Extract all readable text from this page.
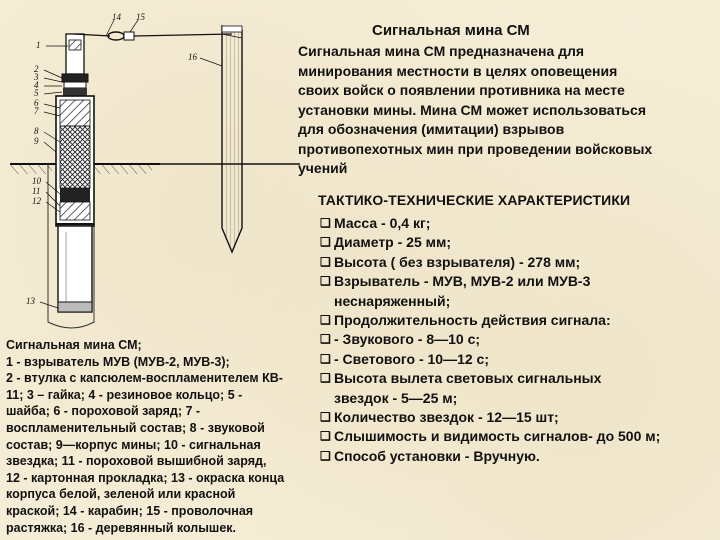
1
2
3
4
5
6
7
8
9
10
11
12
13
14 15
16
Сигнальная мина СМ
Сигнальная мина СМ предназначена для
минирования местности в целях оповещения
своих войск о появлении противника на месте
установки мины. Мина СМ может использоваться
для обозначения (имитации) взрывов
противопехотных мин при проведении войсковых
учений
ТАКТИКО-ТЕХНИЧЕСКИЕ ХАРАКТЕРИСТИКИ
❑ Масса - 0,4 кг;
❑ Диаметр - 25 мм;
❑ Высота ( без взрывателя) - 278 мм;
❑ Взрыватель - МУВ, МУВ-2 или МУВ-3
неснаряженный;
❑ Продолжительность действия сигнала:
❑ - Звукового - 8—10 с;
❑ - Светового - 10—12 с;
❑ Высота вылета световых сигнальных
звездок - 5—25 м;
❑ Количество звездок - 12—15 шт;
❑ Слышимость и видимость сигналов- до 500 м;
❑ Способ установки - Вручную.
Сигнальная мина СМ;
1 - взрыватель МУВ (МУВ-2, МУВ-3);
2 - втулка с капсюлем-воспламенителем КВ-
11; 3 – гайка; 4 - резиновое кольцо; 5 -
шайба; 6 - пороховой заряд; 7 -
воспламенительный состав; 8 - звуковой
состав; 9—корпус мины; 10 - сигнальная
звездка; 11 - пороховой вышибной заряд,
12 - картонная прокладка; 13 - окраска конца
корпуса белой, зеленой или красной
краской; 14 - карабин; 15 - проволочная
растяжка; 16 - деревянный колышек.
